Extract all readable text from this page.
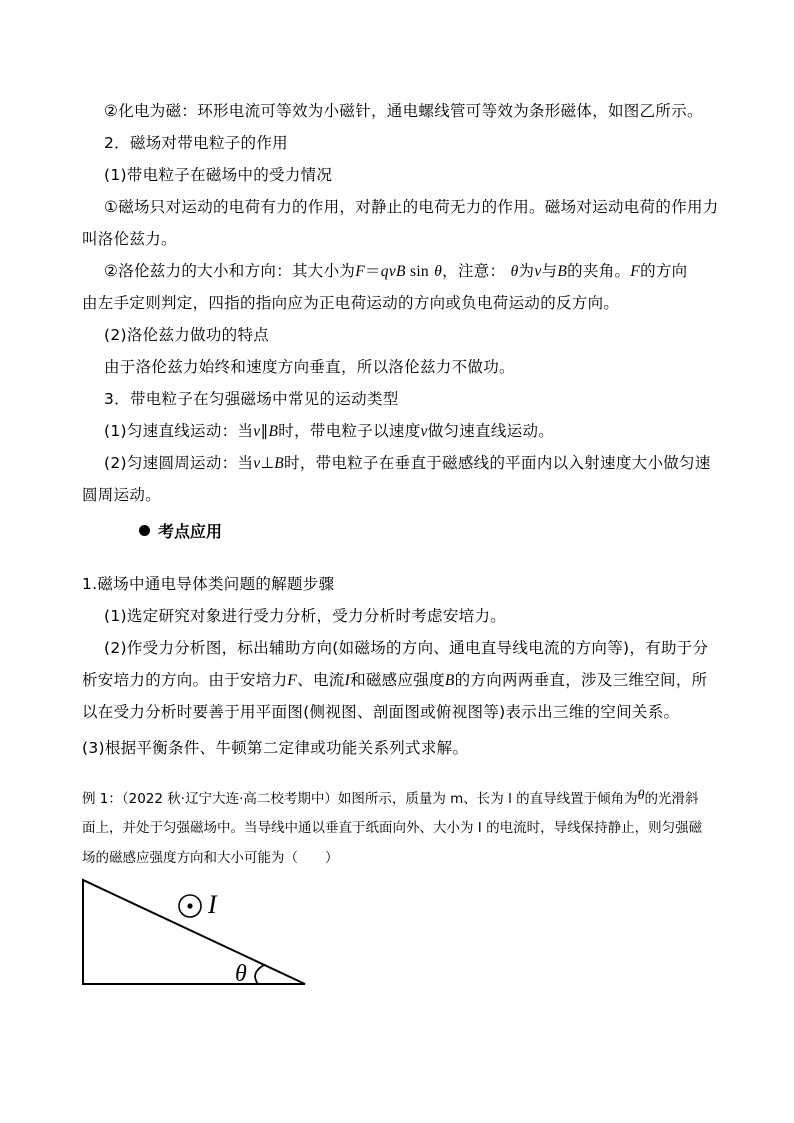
②化电为磁：环形电流可等效为小磁针，通电螺线管可等效为条形磁体，如图乙所示。
2．磁场对带电粒子的作用
(1)带电粒子在磁场中的受力情况
①磁场只对运动的电荷有力的作用，对静止的电荷无力的作用。磁场对运动电荷的作用力
叫洛伦兹力。
②洛伦兹力的大小和方向：其大小为F＝qvB sin θ，注意： θ为v与B的夹角。F的方向
由左手定则判定，四指的指向应为正电荷运动的方向或负电荷运动的反方向。
(2)洛伦兹力做功的特点
由于洛伦兹力始终和速度方向垂直，所以洛伦兹力不做功。
3．带电粒子在匀强磁场中常见的运动类型
(1)匀速直线运动：当v∥B时，带电粒子以速度v做匀速直线运动。
(2)匀速圆周运动：当v⊥B时，带电粒子在垂直于磁感线的平面内以入射速度大小做匀速
圆周运动。
考点应用
1.磁场中通电导体类问题的解题步骤
(1)选定研究对象进行受力分析，受力分析时考虑安培力。
(2)作受力分析图，标出辅助方向(如磁场的方向、通电直导线电流的方向等)，有助于分
析安培力的方向。由于安培力F、电流I和磁感应强度B的方向两两垂直，涉及三维空间，所
以在受力分析时要善于用平面图(侧视图、剖面图或俯视图等)表示出三维的空间关系。
(3)根据平衡条件、牛顿第二定律或功能关系列式求解。
例 1：（2022 秋·辽宁大连·高二校考期中）如图所示，质量为 m、长为 l 的直导线置于倾角为θ的光滑斜
面上，并处于匀强磁场中。当导线中通以垂直于纸面向外、大小为 I 的电流时，导线保持静止，则匀强磁
场的磁感应强度方向和大小可能为（　　）
I
θ
